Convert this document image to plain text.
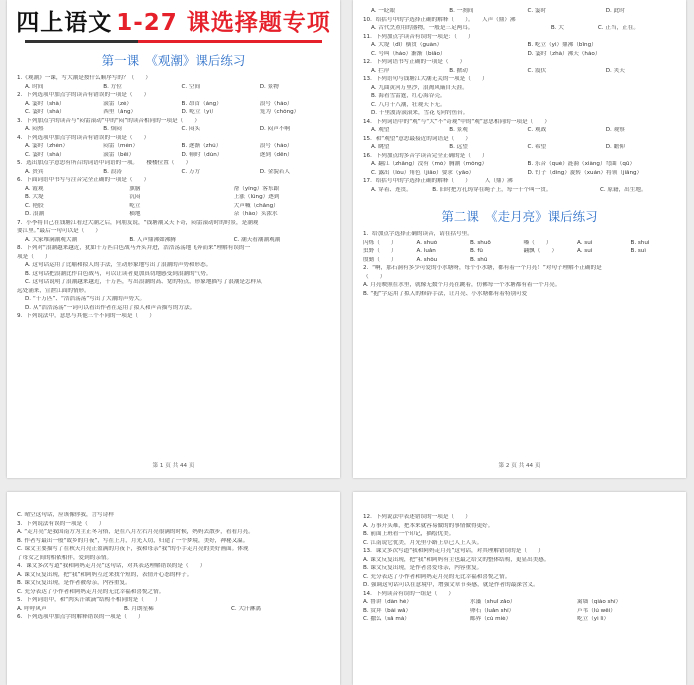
四上语文 1-27 课选择题专项
第一课　《观潮》课后练习
1.《观潮》一课，写大潮是按什么顺序写的？（　　）
A. 时间	B. 方位	C. 空间	D. 景物
2．下列选项中加点字的读音有错误的一项是（　　）
A. 霎时（shà）	滚雷（zé）	B. 昂首（áng）	浪号（háo）
C. 霎时（shà）	西里（ǎng）	D. 屹立（yì）	笼为（chǒng）
3．下列加点字的读音与“闷雷滚动”中的“闷”的读音相同的一项是（　　）
A. 闷热	B. 烦闷	C. 闷头	D. 闷声不响
4．下列选项中加点字的读音有错误的一项是（　　）
A. 霎时（zhèn）	闷雷（mèn）	B. 逐渐（zhú）	浪号（háo）
C. 霎时（shà）	滚雷（bēi）	D. 顿时（dùn）	逐到（dēn）
5．选出加点字意思有所召的词语中词语的一项。　　楼楼位置（　　）
A. 贵宾	B. 浪涛	C. 万方	D. 金貌若人
6．下面词语中书写与注音完全正确的一项是（　　）
A. 霞观	旗脑	帮（yíng）客东跟
B. 大堤	沉闷	上涨（lǜng）逐到
C. 艳胶	屹立	大声喊（chǎng）
D. 浪潮	横地	杂（hào）头浓水
7．小李将自己在钱塘江看过大潮之后，向朋友说，“钱塘潮又天下奇，闷雷滚动时的时景，是潮观
要江里。”最后一句可以是（　　）
A. 大家堆满潮观大潮	B. 人声鼎沸如沸腾	C. 潮天看潮潮观潮
8．下列对“浪潮越来越近，犹如千万匹白色战马齐头并进，浩浩荡荡地飞奔而来”理解有误的一
项是（　　）
A. 这句话运用了比喻和拟人的手法，生动形象地写出了浪潮的声势和形态。
B. 这句话把浪潮比作白色战马，可以让读者更加真切地感受到浪潮的气势。
C. 这句话说明了浪潮越来越近，千万匹，写出浪潮的高、宽的特点，形象地描写了浪潮是怎样从
远处涌来，宣泄江面的情形。
D. “千万匹”、“浩浩荡荡”写出了大潮的声势大。
D. 从“浩浩荡荡”一词可以看出作者在运用了拟人和声音描写的方法。
9．下列说法中，意思与其他三个不同的一项是（　　）
第 1 页 共 44 页
A. 一眨眼	B. 一刹间	C. 霎时	D. 此时
10．给括号中的字选择正确的解释（　　）。　　人声（鼎）沸
A. 古代烹煮用的器物，一般是三足两耳。	B. 大	C. 正当，正在。
11．下列加点字读音有误的一项是：（　　）
A. 大堤（dī）横贯（guàn）	B. 屹立（yì）鼎沸（bīng）
C. 号叫（háo）渐渐（biāo）	D. 霎时（zhà）沸天（háo）
12．下列词语书写正确的一项是（　　）
A. 拦岸	B. 掀动	C. 震伏	D. 夹天
13．下列语句与钱塘江大潮无关的一项是（　　）
A. 九曲黄河万里沙，浪淘风簸自天涯。
B. 海看雪雷霆，红心海谷壳。
C. 八月十八潮，壮观天下无。
D. 千里波涛滚滚来，雪花飞向钓鱼台。
14．下列词语中的“观”与“大”不“奇观”中的“观”意思相同的一项是（　　）
A. 观望	B. 景观	C. 观战	D. 观察
15．和“观望”意思最接近的词语是（　　）
A. 眺望	B. 远望	C. 希望	D. 瞻仰
16．下列加点的多音字读音完全正确的是（　　）
A. 翻江（zhǎng）没有（mò）胸潮（mǒng）	B. 乐音（què）涟漪（xiàng）弯曲（qū）
C. 露出（lòu）角色（jiǎo）要求（yāo）	D. 钉子（dìng）旋转（xuán）将领（jiāng）
17．给括号中的字选择正确的解释（　　）　　　人（鼎）沸
A. 穿着、连贯。	B. 旧时把方孔铸穿在绳子上，每一千个叫一贯。	C. 原籍，出生地。
第二课　《走月亮》课后练习
1．给加点字选择正确的读音，请在括号里。
闪烁（　　）	A. shuò	B. shuō	嗓（　　）	A. suì	B. shuì
虫野（　　）	A. luǎn	B. fǔ	翻飘（　　）	A. suì	B. suì
殷勤（　　）	A. shǒu	B. shū
2．“啊，那石洞有多少可爱的小水塘呀，每个小水塘，都有着一个月亮！”对句子理解不正确的是
（　　）
A. 月亮映照在水里，就像无数个月亮在跳着，仿佛每一个水塘都有着一个月亮。
B. “抱”字运用了拟人的修辞手法，让月亮、小水塘都有着特别可爱
第 2 页 共 44 页
C. 晴空这句话，应该像你我，言写诗样
3．下列说法有误的一项是（　　）
A. “走月亮”是我国南方为主正冬习俗，是在八月左右月亮很满的时候，妈妈去散步，看看月亮。
B. 作者写最出一般“故乡的月夜”，写在上月，月光人切，归途了一个梦境，美好，神秘又温。
C. 课文主要描写了在秋天月亮正盈满的月夜下，我和母亲“我”的小手走月亮的美好画面。体现
了母女之间的相依相伴，爱到的亲情。
4．课文多次写道“我和阿妈走月亮”这句话，对其表达理解错误的是（　　）
A. 课文反复出现，把“我”和阿妈互过来找个短的，表情开心态的样子。
B. 课文反复出现，是作者被母亲，内容重复。
C. 充分表达了小作者和阿妈走月亮的无比幸福和喜悦之情。
5．下列词语中，和“肉头汗欲滴”结构不相同的是（　　）
A. 呼呼风声	B. 月朗星稀	C. 大汗淋漓
6．下列选项中加点字的解释错误的一项是（　　）
12．下列说法中表述错误的一项是（　　）
A. 万事开头难，把本来就容易做的的事情做得更好。
B. 前面上班看一个印记，描绘优美。
C. 江南说它优美，月光里小路上草已人上人头。
13．课文多次写道“我和阿妈走月亮”这句话，对其理解错误的是（　　）
A. 课文反复出现，把“我”和阿妈有主也最之给文的整体结构，更显出美感。
B. 课文反复出现，是作者喜爱母亲，内容重复。
C. 充分表达了小作者和阿妈走月亮的无比幸福和喜悦之情。
D. 强调这句话可以在意境中，增强文章节奏感，就是作者的最深含义。
14．下列读音有误的一组是（　　）
A. 鲁讲（dàn hé）	水藻（shuǐ zǎo）	篱墙（qiáo shí）
B. 赏拜（bài wǎ）	卵石（luǎn shí）	芦苇（lú wěi）
C. 撒么（sǎ mà）	邮界（cù miè）	屹立（yì lì）
